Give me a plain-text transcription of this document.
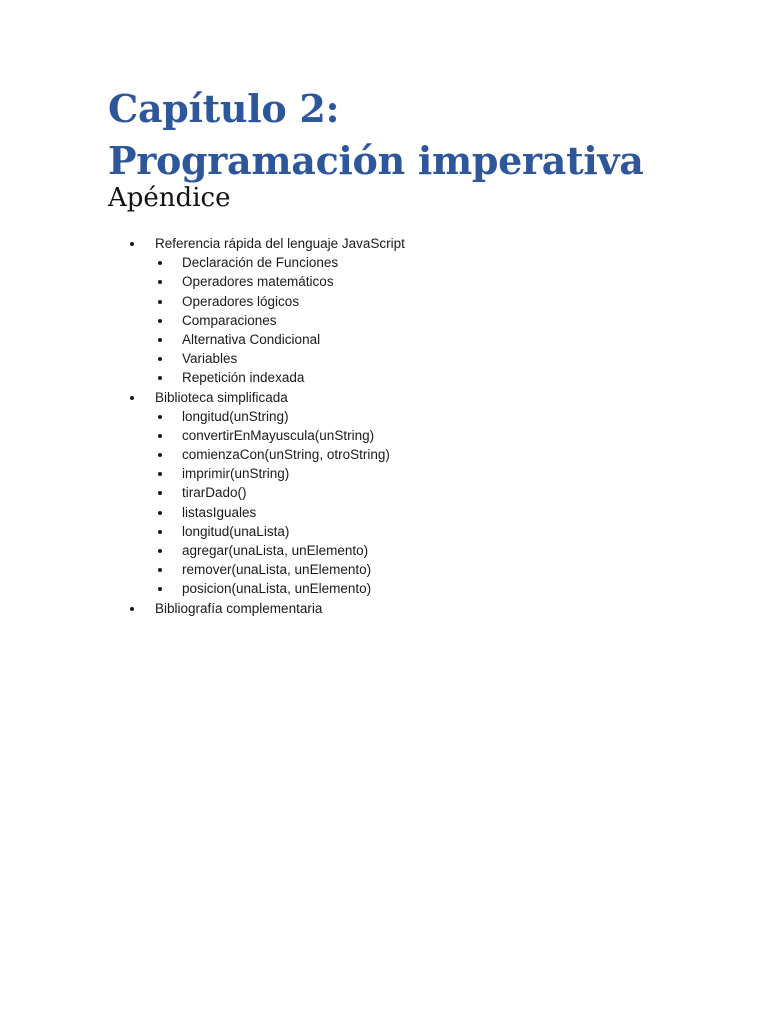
Capítulo 2:
Programación imperativa
Apéndice
Referencia rápida del lenguaje JavaScript
Declaración de Funciones
Operadores matemáticos
Operadores lógicos
Comparaciones
Alternativa Condicional
Variables
Repetición indexada
Biblioteca simplificada
longitud(unString)
convertirEnMayuscula(unString)
comienzaCon(unString, otroString)
imprimir(unString)
tirarDado()
listasIguales
longitud(unaLista)
agregar(unaLista, unElemento)
remover(unaLista, unElemento)
posicion(unaLista, unElemento)
Bibliografía complementaria
